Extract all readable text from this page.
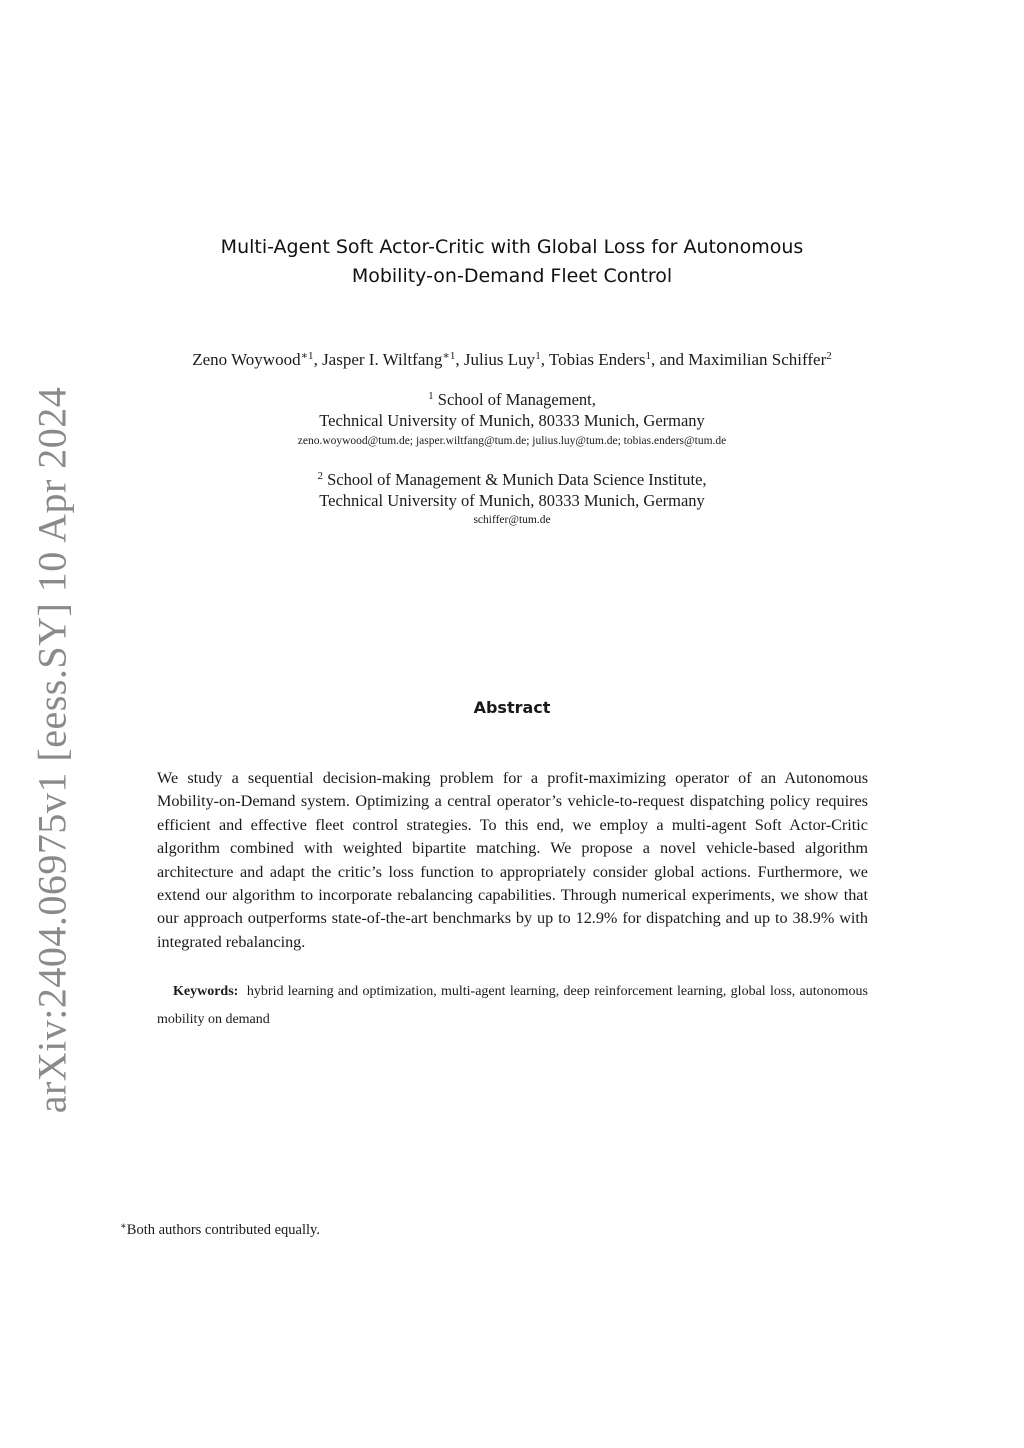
arXiv:2404.06975v1 [eess.SY] 10 Apr 2024
Multi-Agent Soft Actor-Critic with Global Loss for Autonomous
Mobility-on-Demand Fleet Control
Zeno Woywood$^{∗1}$, Jasper I. Wiltfang$^{∗1}$, Julius Luy$^1$, Tobias Enders$^1$, and Maximilian Schiffer$^2$
$^1$ School of Management,
Technical University of Munich, 80333 Munich, Germany
zeno.woywood@tum.de; jasper.wiltfang@tum.de; julius.luy@tum.de; tobias.enders@tum.de
$^2$ School of Management & Munich Data Science Institute,
Technical University of Munich, 80333 Munich, Germany
schiffer@tum.de
Abstract
We study a sequential decision-making problem for a profit-maximizing operator of an Autonomous Mobility-on-Demand system. Optimizing a central operator’s vehicle-to-request dispatching policy requires efficient and effective fleet control strategies. To this end, we employ a multi-agent Soft Actor-Critic algorithm combined with weighted bipartite matching. We propose a novel vehicle-based algorithm architecture and adapt the critic’s loss function to appropriately consider global actions. Furthermore, we extend our algorithm to incorporate rebalancing capabilities. Through numerical experiments, we show that our approach outperforms state-of-the-art benchmarks by up to 12.9% for dispatching and up to 38.9% with integrated rebalancing.
Keywords: hybrid learning and optimization, multi-agent learning, deep reinforcement learning, global loss, autonomous mobility on demand
∗Both authors contributed equally.
